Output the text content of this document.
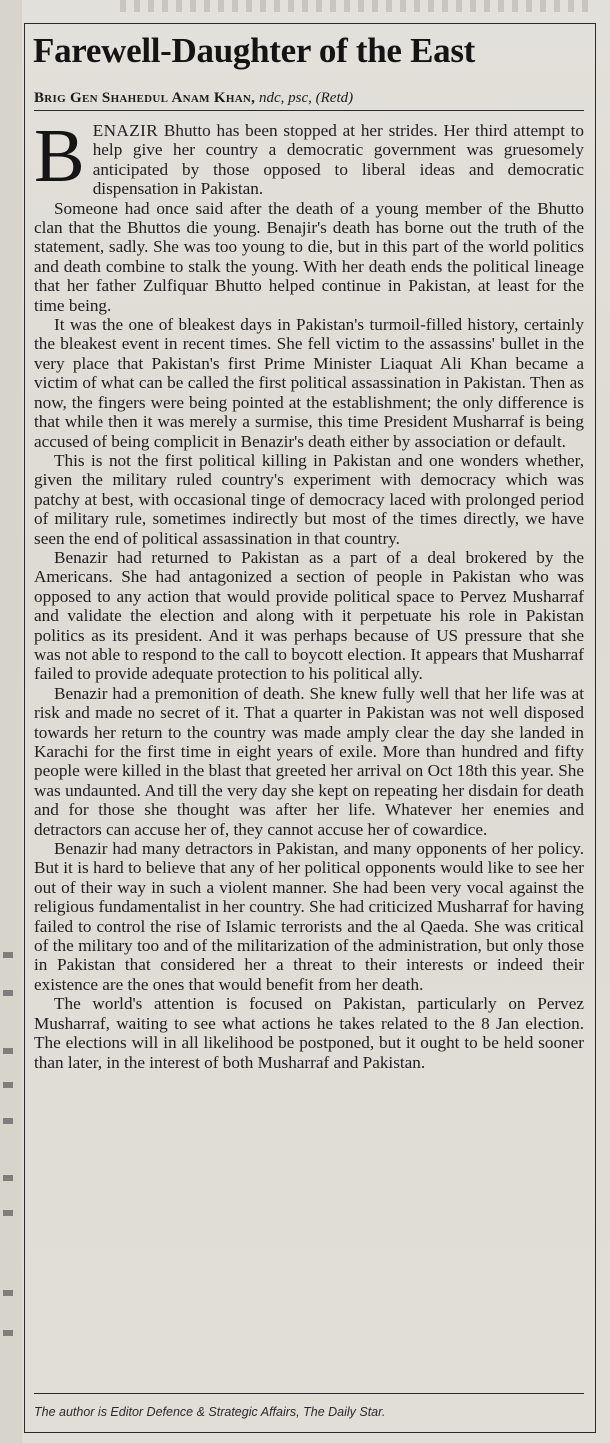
Farewell-Daughter of the East
Brig Gen Shahedul Anam Khan, ndc, psc, (Retd)

BENAZIR Bhutto has been stopped at her strides. Her third attempt to help give her country a democratic government was gruesomely anticipated by those opposed to liberal ideas and democratic dispensation in Pakistan.

Someone had once said after the death of a young member of the Bhutto clan that the Bhuttos die young. Benajir's death has borne out the truth of the statement, sadly. She was too young to die, but in this part of the world politics and death combine to stalk the young. With her death ends the political lineage that her father Zulfiquar Bhutto helped continue in Pakistan, at least for the time being.

It was the one of bleakest days in Pakistan's turmoil-filled history, certainly the bleakest event in recent times. She fell victim to the assassins' bullet in the very place that Pakistan's first Prime Minister Liaquat Ali Khan became a victim of what can be called the first political assassination in Pakistan. Then as now, the fingers were being pointed at the establishment; the only difference is that while then it was merely a surmise, this time President Musharraf is being accused of being complicit in Benazir's death either by association or default.

This is not the first political killing in Pakistan and one wonders whether, given the military ruled country's experiment with democracy which was patchy at best, with occasional tinge of democracy laced with prolonged period of military rule, sometimes indirectly but most of the times directly, we have seen the end of political assassination in that country.

Benazir had returned to Pakistan as a part of a deal brokered by the Americans. She had antagonized a section of people in Pakistan who was opposed to any action that would provide political space to Pervez Musharraf and validate the election and along with it perpetuate his role in Pakistan politics as its president. And it was perhaps because of US pressure that she was not able to respond to the call to boycott election. It appears that Musharraf failed to provide adequate protection to his political ally.

Benazir had a premonition of death. She knew fully well that her life was at risk and made no secret of it. That a quarter in Pakistan was not well disposed towards her return to the country was made amply clear the day she landed in Karachi for the first time in eight years of exile. More than hundred and fifty people were killed in the blast that greeted her arrival on Oct 18th this year. She was undaunted. And till the very day she kept on repeating her disdain for death and for those she thought was after her life. Whatever her enemies and detractors can accuse her of, they cannot accuse her of cowardice.

Benazir had many detractors in Pakistan, and many opponents of her policy. But it is hard to believe that any of her political opponents would like to see her out of their way in such a violent manner. She had been very vocal against the religious fundamentalist in her country. She had criticized Musharraf for having failed to control the rise of Islamic terrorists and the al Qaeda. She was critical of the military too and of the militarization of the administration, but only those in Pakistan that considered her a threat to their interests or indeed their existence are the ones that would benefit from her death.

The world's attention is focused on Pakistan, particularly on Pervez Musharraf, waiting to see what actions he takes related to the 8 Jan election. The elections will in all likelihood be postponed, but it ought to be held sooner than later, in the interest of both Musharraf and Pakistan.

The author is Editor Defence & Strategic Affairs, The Daily Star.
